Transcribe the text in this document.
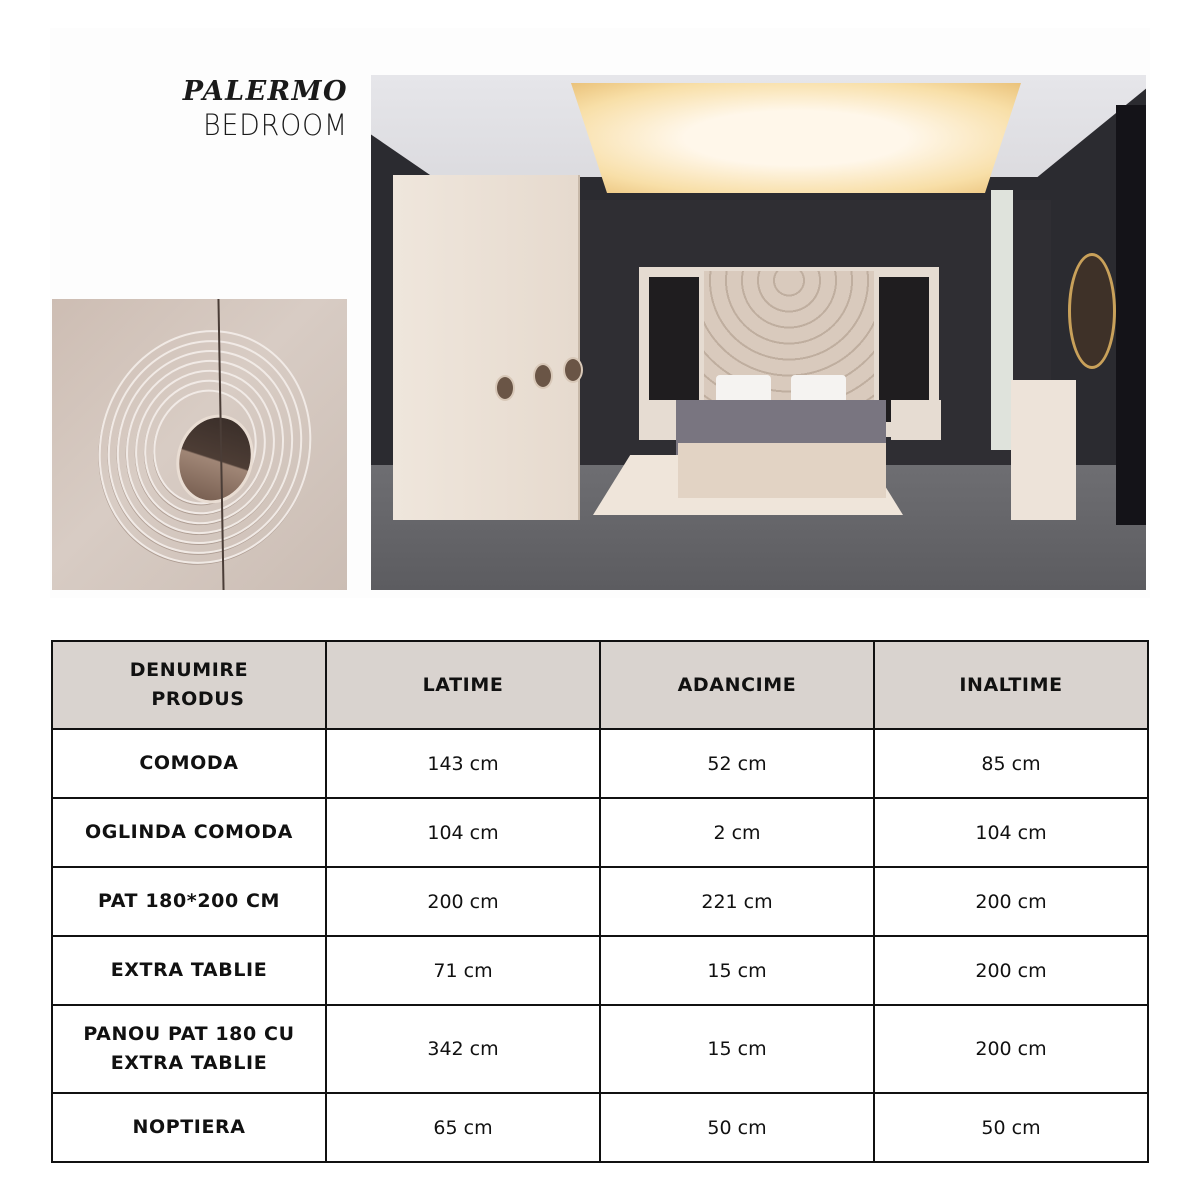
PALERMO
BEDROOM
DENUMIRE
PRODUS	LATIME	ADANCIME	INALTIME
COMODA	143 cm	52 cm	85 cm
OGLINDA COMODA	104 cm	2 cm	104 cm
PAT 180*200 CM	200 cm	221 cm	200 cm
EXTRA TABLIE	71 cm	15 cm	200 cm

PANOU PAT 180 CU
EXTRA TABLIE	342 cm	15 cm	200 cm
NOPTIERA	65 cm	50 cm	50 cm
